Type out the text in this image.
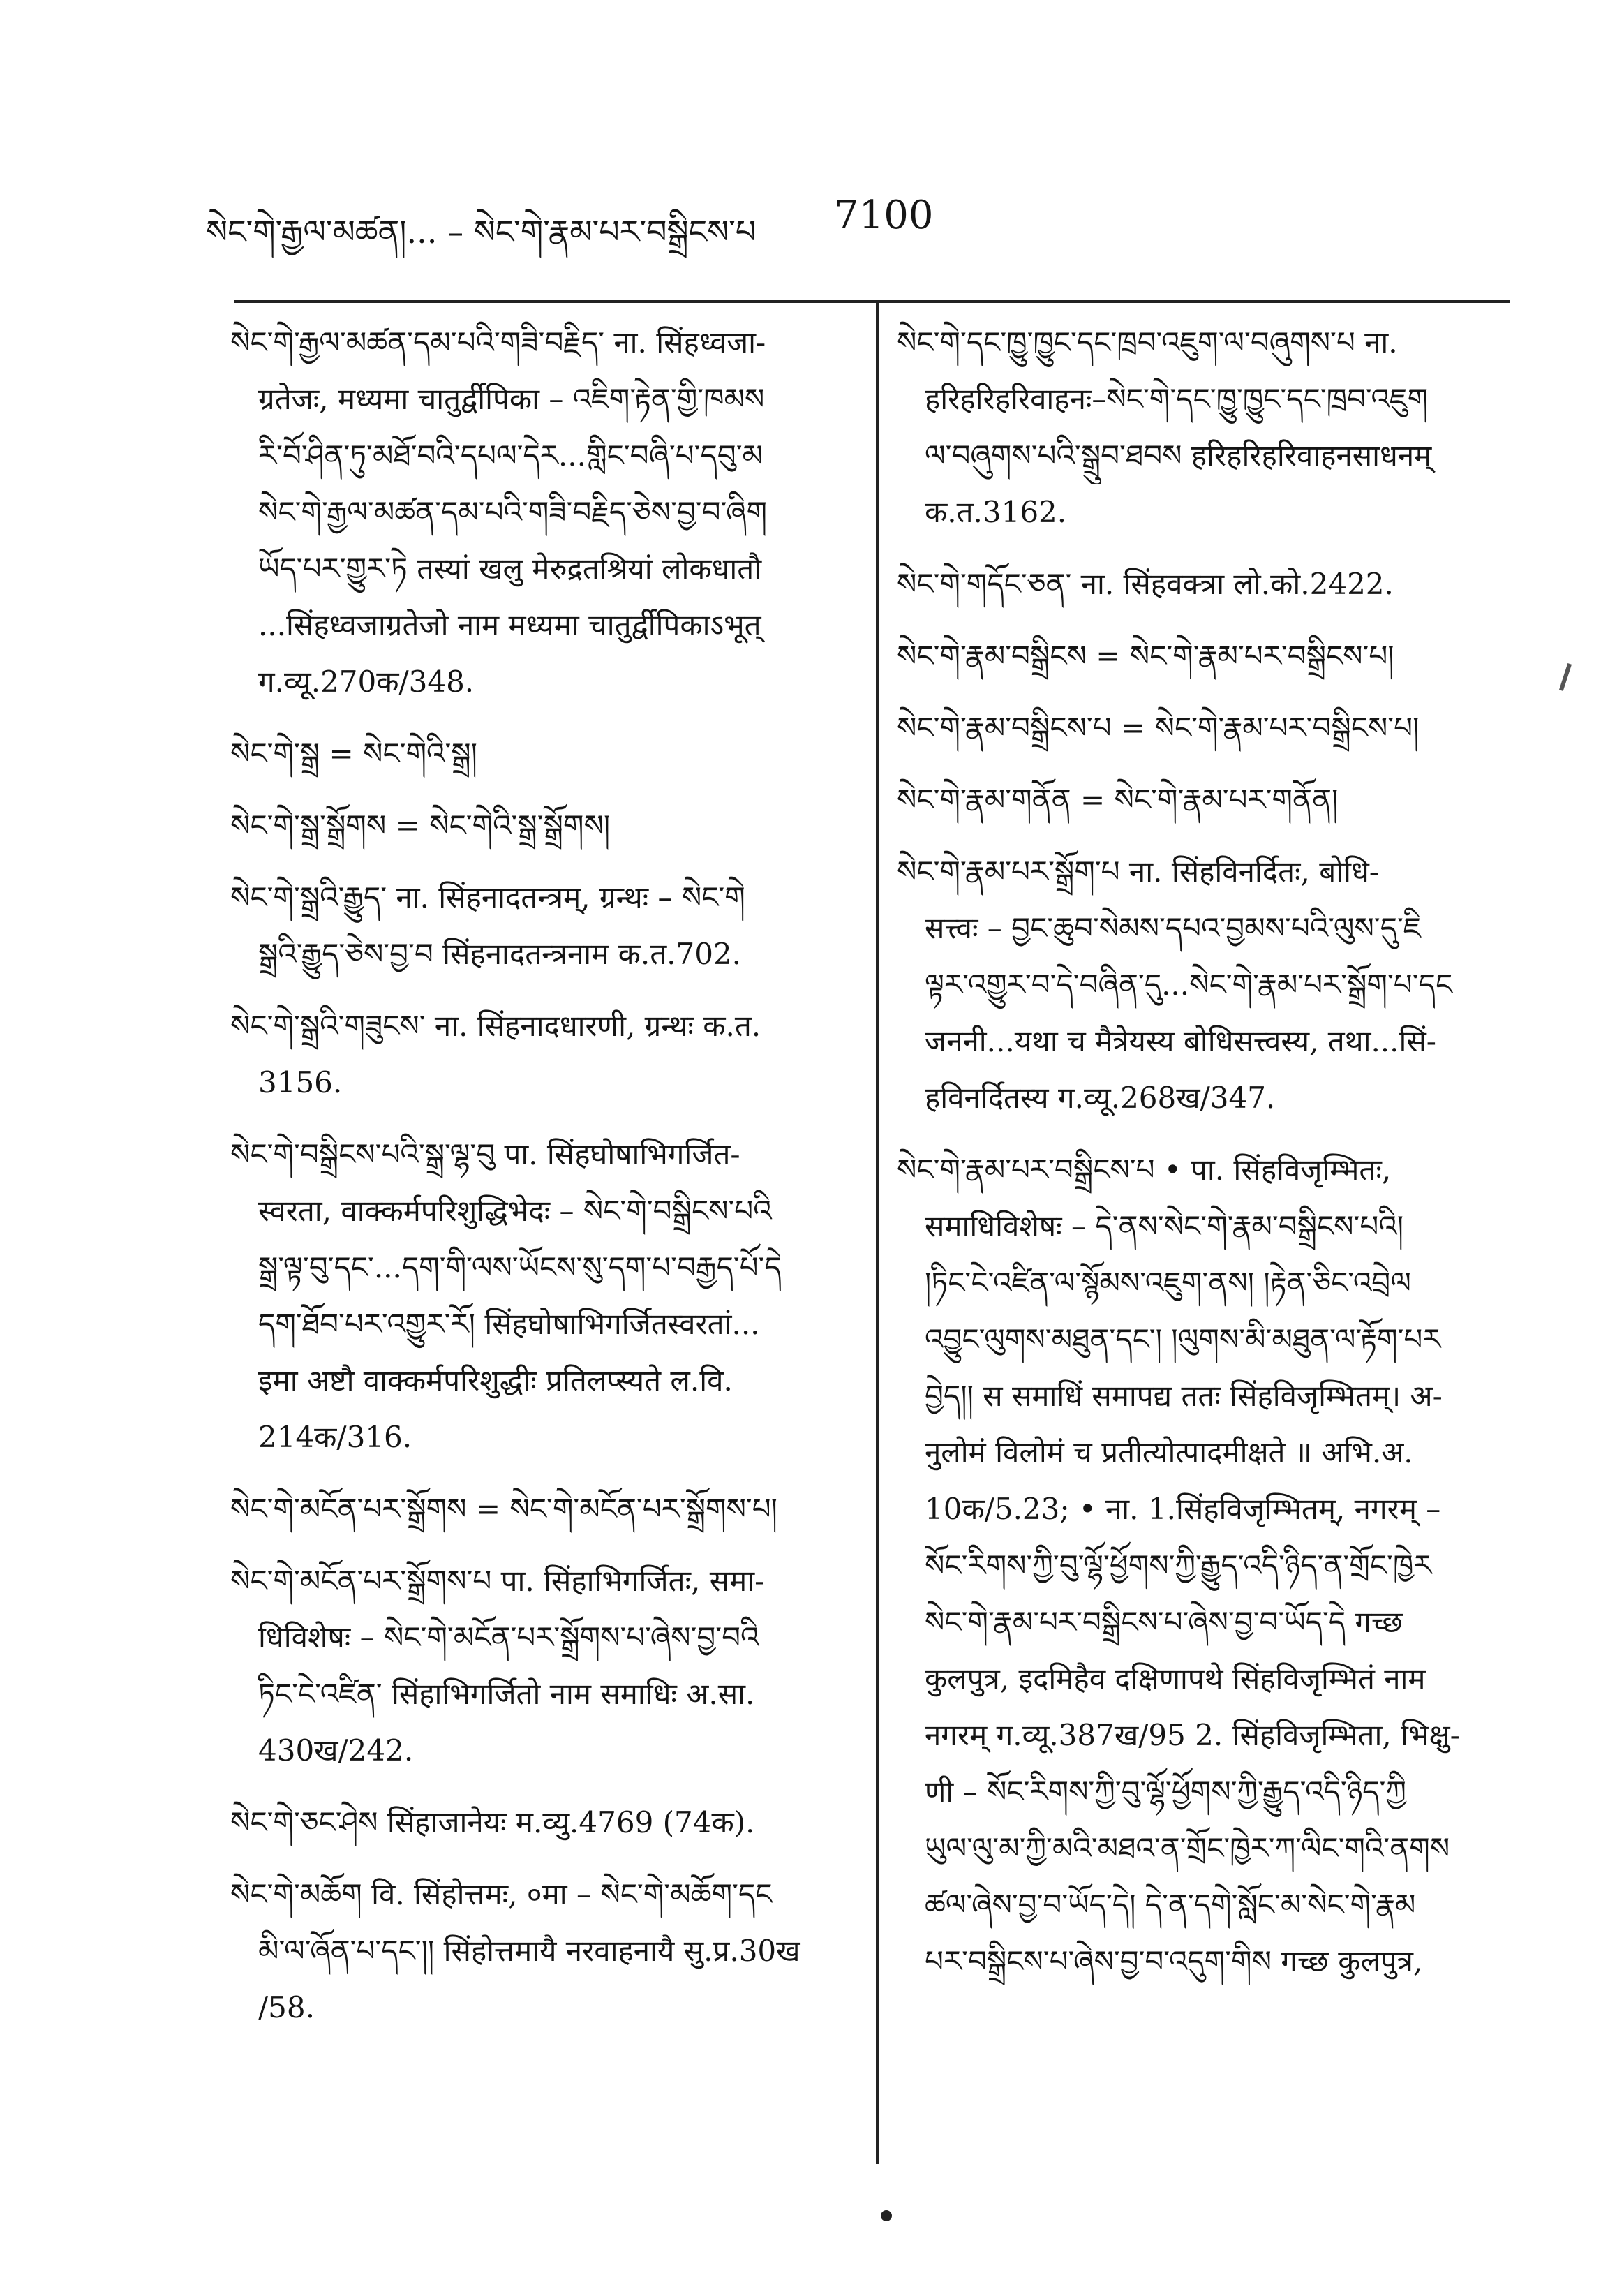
སེང་གེ་རྒྱལ་མཚན།... – སེང་གེ་རྣམ་པར་བསྒྲིངས་པ 7100
སེང་གེ་རྒྱལ་མཚན་དམ་པའི་གཟི་བརྗིད་ ना. सिंहध्वजा-
ग्रतेजः, मध्यमा चातुर्द्वीपिका – འཇིག་རྟེན་གྱི་ཁམས
རི་བོ་ཤིན་ཏུ་མཐོ་བའི་དཔལ་དེར...གླིང་བཞི་པ་དབུ་མ
སེང་གེ་རྒྱལ་མཚན་དམ་པའི་གཟི་བརྗིད་ཅེས་བྱ་བ་ཞིག
ཡོད་པར་གྱུར་ཏེ तस्यां खलु मेरुद्रतश्रियां लोकधातौ
...सिंहध्वजाग्रतेजो नाम मध्यमा चातुर्द्वीपिकाऽभूत्
ग.व्यू.270क/348.
སེང་གེ་སྒྲ = སེང་གེའི་སྒྲ།
སེང་གེ་སྒྲ་སྒྲོགས = སེང་གེའི་སྒྲ་སྒྲོགས།
སེང་གེ་སྒྲའི་རྒྱུད་ ना. सिंहनादतन्त्रम्, ग्रन्थः – སེང་གེ
སྒྲའི་རྒྱུད་ཅེས་བྱ་བ सिंहनादतन्त्रनाम क.त.702.
སེང་གེ་སྒྲའི་གཟུངས་ ना. सिंहनादधारणी, ग्रन्थः क.त.
3156.
སེང་གེ་བསྒྲིངས་པའི་སྒྲ་ལྷ་བུ पा. सिंहघोषाभिगर्जित-
स्वरता, वाक्कर्मपरिशुद्धिभेदः – སེང་གེ་བསྒྲིངས་པའི
སྒྲ་ལྟ་བུ་དང་...དག་གི་ལས་ཡོངས་སུ་དག་པ་བརྒྱད་པོ་དེ
དག་ཐོབ་པར་འགྱུར་རོ། सिंहघोषाभिगर्जितस्वरतां...
इमा अष्टौ वाक्कर्मपरिशुद्धीः प्रतिलप्स्यते ल.वि.
214क/316.
སེང་གེ་མངོན་པར་སྒྲོགས = སེང་གེ་མངོན་པར་སྒྲོགས་པ།
སེང་གེ་མངོན་པར་སྒྲོགས་པ पा. सिंहाभिगर्जितः, समा-
धिविशेषः – སེང་གེ་མངོན་པར་སྒྲོགས་པ་ཞེས་བྱ་བའི
ཏིང་ངེ་འཛིན་ सिंहाभिगर्जितो नाम समाधिः अ.सा.
430ख/242.
སེང་གེ་ཅང་ཤེས सिंहाजानेयः म.व्यु.4769 (74क).
སེང་གེ་མཆོག वि. सिंहोत्तमः, ०मा – སེང་གེ་མཆོག་དང
མི་ལ་ཞོན་པ་དང་།། सिंहोत्तमायै नरवाहनायै सु.प्र.30ख
/58.
སེང་གེ་དང་ཁྱུ་ཁྱུང་དང་ཁྲབ་འཇུག་ལ་བཞུགས་པ ना.
हरिहरिहरिवाहनः–སེང་གེ་དང་ཁྱུ་ཁྱུང་དང་ཁྲབ་འཇུག
ལ་བཞུགས་པའི་སྒྲུབ་ཐབས हरिहरिहरिवाहनसाधनम्
क.त.3162.
སེང་གེ་གདོང་ཅན་ ना. सिंहवक्त्रा लो.को.2422.
སེང་གེ་རྣམ་བསྒྲིངས = སེང་གེ་རྣམ་པར་བསྒྲིངས་པ།
སེང་གེ་རྣམ་བསྒྲིངས་པ = སེང་གེ་རྣམ་པར་བསྒྲིངས་པ།
སེང་གེ་རྣམ་གནོན = སེང་གེ་རྣམ་པར་གནོན།
སེང་གེ་རྣམ་པར་སྒྲོག་པ ना. सिंहविनर्दितः, बोधि-
सत्त्वः – བྱང་ཆུབ་སེམས་དཔའ་བྱམས་པའི་ལུས་དུ་ཇི
ལྟར་འགྱུར་བ་དེ་བཞིན་དུ...སེང་གེ་རྣམ་པར་སྒྲོག་པ་དང
जननी...यथा च मैत्रेयस्य बोधिसत्त्वस्य, तथा...सिं-
हविनर्दितस्य ग.व्यू.268ख/347.
སེང་གེ་རྣམ་པར་བསྒྲིངས་པ • पा. सिंहविजृम्भितः,
समाधिविशेषः – དེ་ནས་སེང་གེ་རྣམ་བསྒྲིངས་པའི།
།ཏིང་ངེ་འཛིན་ལ་སྙོམས་འཇུག་ནས། །རྟེན་ཅིང་འབྲེལ
འབྱུང་ལུགས་མཐུན་དང་། །ལུགས་མི་མཐུན་ལ་རྟོག་པར
བྱེད།། स समाधिं समापद्य ततः सिंहविजृम्भितम्। अ-
नुलोमं विलोमं च प्रतीत्योत्पादमीक्षते ॥ अभि.अ.
10क/5.23; • ना. 1.सिंहविजृम्भितम्, नगरम् –
སོང་རིགས་ཀྱི་བུ་ལྷོ་ཕྱོགས་ཀྱི་རྒྱུད་འདི་ཉིད་ན་གྲོང་ཁྱེར
སེང་གེ་རྣམ་པར་བསྒྲིངས་པ་ཞེས་བྱ་བ་ཡོད་དེ गच्छ
कुलपुत्र, इदमिहैव दक्षिणापथे सिंहविजृम्भितं नाम
नगरम् ग.व्यू.387ख/95 2. सिंहविजृम्भिता, भिक्षु-
णी – སོང་རིགས་ཀྱི་བུ་ལྷོ་ཕྱོགས་ཀྱི་རྒྱུད་འདི་ཉིད་ཀྱི
ཡུལ་ལུ་མ་ཀྱི་མའི་མཐའ་ན་གྲོང་ཁྱེར་ཀ་ལིང་གའི་ནགས
ཚལ་ཞེས་བྱ་བ་ཡོད་དེ། དེ་ན་དགེ་སློང་མ་སེང་གེ་རྣམ
པར་བསྒྲིངས་པ་ཞེས་བྱ་བ་འདུག་གིས गच्छ कुलपुत्र,
